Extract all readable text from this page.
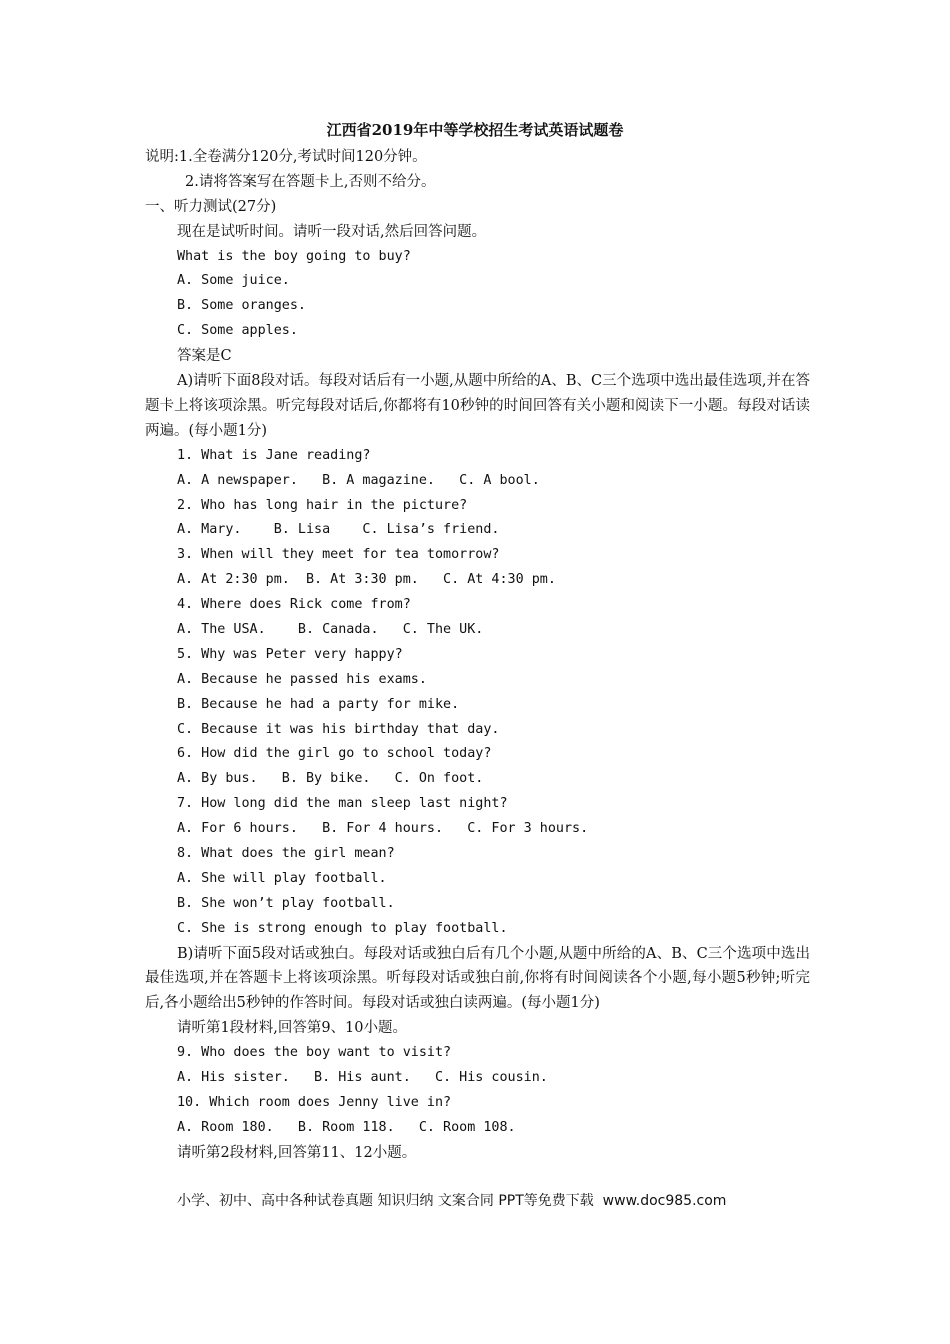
江西省2019年中等学校招生考试英语试题卷
说明:1.全卷满分120分,考试时间120分钟。
2.请将答案写在答题卡上,否则不给分。
一、听力测试(27分)
现在是试听时间。请听一段对话,然后回答问题。
What is the boy going to buy?
A. Some juice.
B. Some oranges.
C. Some apples.
答案是C
A)请听下面8段对话。每段对话后有一小题,从题中所给的A、B、C三个选项中选出最佳选项,并在答题卡上将该项涂黑。听完每段对话后,你都将有10秒钟的时间回答有关小题和阅读下一小题。每段对话读两遍。(每小题1分)
1. What is Jane reading?
A. A newspaper.   B. A magazine.   C. A bool.
2. Who has long hair in the picture?
A. Mary.    B. Lisa    C. Lisa’s friend.
3. When will they meet for tea tomorrow?
A. At 2:30 pm.  B. At 3:30 pm.   C. At 4:30 pm.
4. Where does Rick come from?
A. The USA.    B. Canada.   C. The UK.
5. Why was Peter very happy?
A. Because he passed his exams.
B. Because he had a party for mike.
C. Because it was his birthday that day.
6. How did the girl go to school today?
A. By bus.   B. By bike.   C. On foot.
7. How long did the man sleep last night?
A. For 6 hours.   B. For 4 hours.   C. For 3 hours.
8. What does the girl mean?
A. She will play football.
B. She won’t play football.
C. She is strong enough to play football.
B)请听下面5段对话或独白。每段对话或独白后有几个小题,从题中所给的A、B、C三个选项中选出最佳选项,并在答题卡上将该项涂黑。听每段对话或独白前,你将有时间阅读各个小题,每小题5秒钟;听完后,各小题给出5秒钟的作答时间。每段对话或独白读两遍。(每小题1分)
请听第1段材料,回答第9、10小题。
9. Who does the boy want to visit?
A. His sister.   B. His aunt.   C. His cousin.
10. Which room does Jenny live in?
A. Room 180.   B. Room 118.   C. Room 108.
请听第2段材料,回答第11、12小题。
小学、初中、高中各种试卷真题 知识归纳 文案合同 PPT等免费下载  www.doc985.com
